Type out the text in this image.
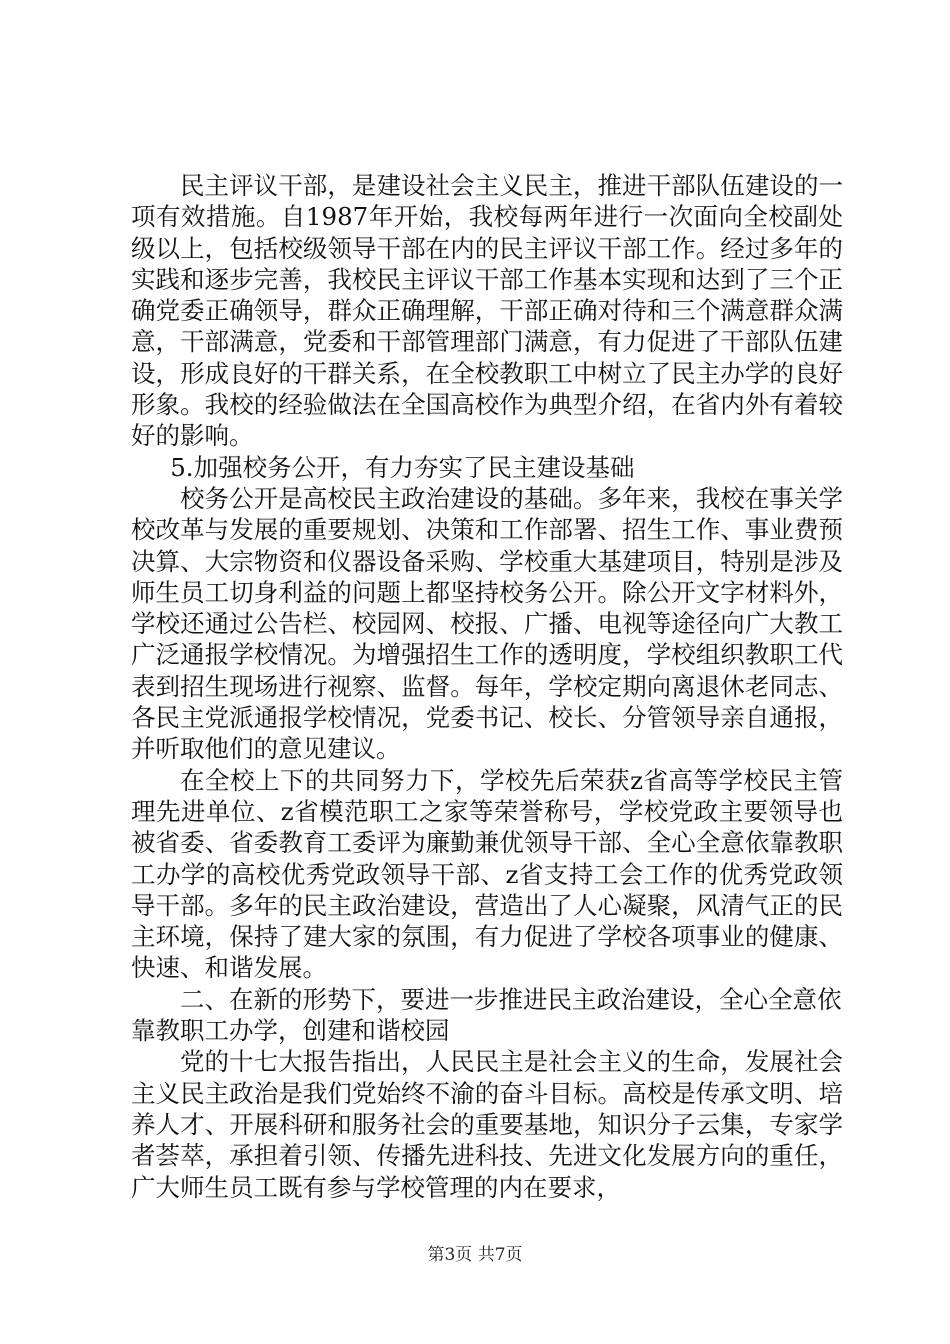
民主评议干部，是建设社会主义民主，推进干部队伍建设的一项有效措施。自1987年开始，我校每两年进行一次面向全校副处级以上，包括校级领导干部在内的民主评议干部工作。经过多年的实践和逐步完善，我校民主评议干部工作基本实现和达到了三个正确党委正确领导，群众正确理解，干部正确对待和三个满意群众满意，干部满意，党委和干部管理部门满意，有力促进了干部队伍建设，形成良好的干群关系，在全校教职工中树立了民主办学的良好形象。我校的经验做法在全国高校作为典型介绍，在省内外有着较好的影响。

5.加强校务公开，有力夯实了民主建设基础

校务公开是高校民主政治建设的基础。多年来，我校在事关学校改革与发展的重要规划、决策和工作部署、招生工作、事业费预决算、大宗物资和仪器设备采购、学校重大基建项目，特别是涉及师生员工切身利益的问题上都坚持校务公开。除公开文字材料外，学校还通过公告栏、校园网、校报、广播、电视等途径向广大教工广泛通报学校情况。为增强招生工作的透明度，学校组织教职工代表到招生现场进行视察、监督。每年，学校定期向离退休老同志、各民主党派通报学校情况，党委书记、校长、分管领导亲自通报，并听取他们的意见建议。

在全校上下的共同努力下，学校先后荣获z省高等学校民主管理先进单位、z省模范职工之家等荣誉称号，学校党政主要领导也被省委、省委教育工委评为廉勤兼优领导干部、全心全意依靠教职工办学的高校优秀党政领导干部、z省支持工会工作的优秀党政领导干部。多年的民主政治建设，营造出了人心凝聚，风清气正的民主环境，保持了建大家的氛围，有力促进了学校各项事业的健康、快速、和谐发展。

二、在新的形势下，要进一步推进民主政治建设，全心全意依靠教职工办学，创建和谐校园

党的十七大报告指出，人民民主是社会主义的生命，发展社会主义民主政治是我们党始终不渝的奋斗目标。高校是传承文明、培养人才、开展科研和服务社会的重要基地，知识分子云集，专家学者荟萃，承担着引领、传播先进科技、先进文化发展方向的重任，广大师生员工既有参与学校管理的内在要求，

第3页 共7页
